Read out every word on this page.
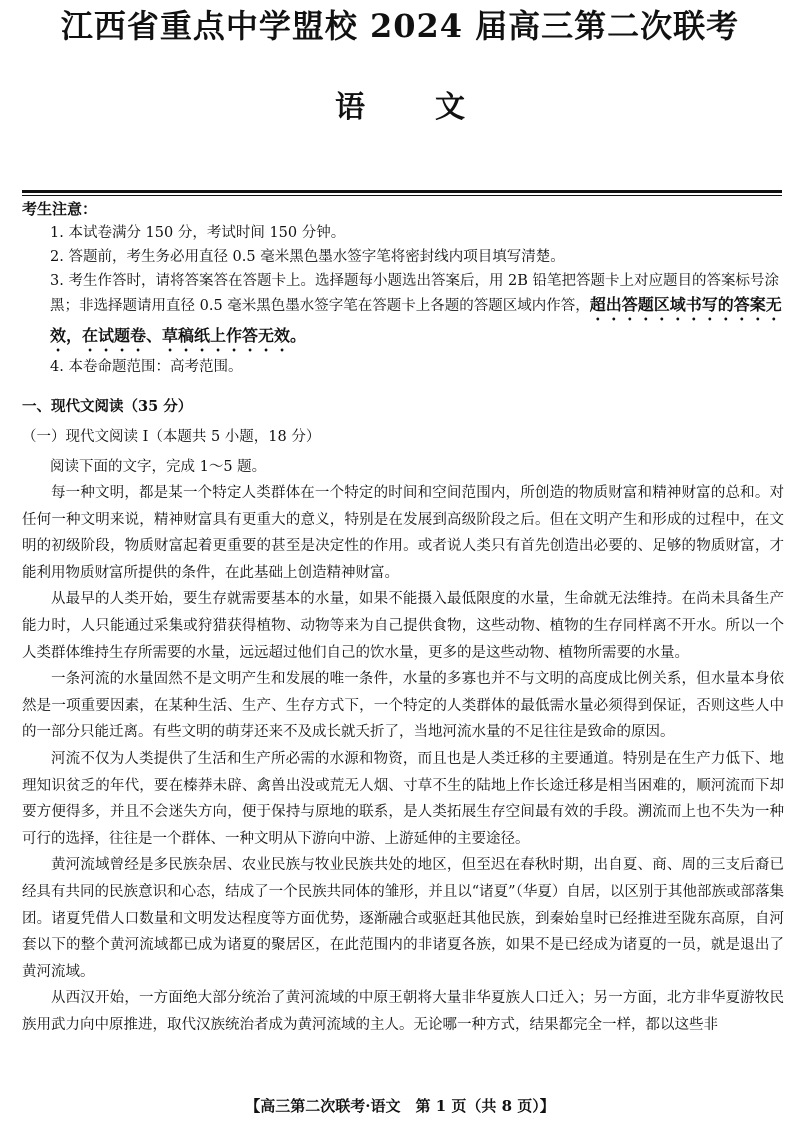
江西省重点中学盟校 2024 届高三第二次联考
语文
考生注意：
1. 本试卷满分 150 分，考试时间 150 分钟。
2. 答题前，考生务必用直径 0.5 毫米黑色墨水签字笔将密封线内项目填写清楚。
3. 考生作答时，请将答案答在答题卡上。选择题每小题选出答案后，用 2B 铅笔把答题卡上对应题目的答案标号涂黑；非选择题请用直径 0.5 毫米黑色墨水签字笔在答题卡上各题的答题区域内作答，超出答题区域书写的答案无效，在试题卷、草稿纸上作答无效。
4. 本卷命题范围：高考范围。
一、现代文阅读（35 分）
（一）现代文阅读 Ⅰ（本题共 5 小题，18 分）
阅读下面的文字，完成 1～5 题。

每一种文明，都是某一个特定人类群体在一个特定的时间和空间范围内，所创造的物质财富和精神财富的总和。对任何一种文明来说，精神财富具有更重大的意义，特别是在发展到高级阶段之后。但在文明产生和形成的过程中，在文明的初级阶段，物质财富起着更重要的甚至是决定性的作用。或者说人类只有首先创造出必要的、足够的物质财富，才能利用物质财富所提供的条件，在此基础上创造精神财富。

从最早的人类开始，要生存就需要基本的水量，如果不能摄入最低限度的水量，生命就无法维持。在尚未具备生产能力时，人只能通过采集或狩猎获得植物、动物等来为自己提供食物，这些动物、植物的生存同样离不开水。所以一个人类群体维持生存所需要的水量，远远超过他们自己的饮水量，更多的是这些动物、植物所需要的水量。

一条河流的水量固然不是文明产生和发展的唯一条件，水量的多寡也并不与文明的高度成比例关系，但水量本身依然是一项重要因素，在某种生活、生产、生存方式下，一个特定的人类群体的最低需水量必须得到保证，否则这些人中的一部分只能迁离。有些文明的萌芽还来不及成长就夭折了，当地河流水量的不足往往是致命的原因。

河流不仅为人类提供了生活和生产所必需的水源和物资，而且也是人类迁移的主要通道。特别是在生产力低下、地理知识贫乏的年代，要在榛莽未辟、禽兽出没或荒无人烟、寸草不生的陆地上作长途迁移是相当困难的，顺河流而下却要方便得多，并且不会迷失方向，便于保持与原地的联系，是人类拓展生存空间最有效的手段。溯流而上也不失为一种可行的选择，往往是一个群体、一种文明从下游向中游、上游延伸的主要途径。

黄河流域曾经是多民族杂居、农业民族与牧业民族共处的地区，但至迟在春秋时期，出自夏、商、周的三支后裔已经具有共同的民族意识和心态，结成了一个民族共同体的雏形，并且以“诸夏”（华夏）自居，以区别于其他部族或部落集团。诸夏凭借人口数量和文明发达程度等方面优势，逐渐融合或驱赶其他民族，到秦始皇时已经推进至陇东高原，自河套以下的整个黄河流域都已成为诸夏的聚居区，在此范围内的非诸夏各族，如果不是已经成为诸夏的一员，就是退出了黄河流域。

从西汉开始，一方面绝大部分统治了黄河流域的中原王朝将大量非华夏族人口迁入；另一方面，北方非华夏游牧民族用武力向中原推进，取代汉族统治者成为黄河流域的主人。无论哪一种方式，结果都完全一样，都以这些非

【高三第二次联考·语文　第 1 页（共 8 页）】
